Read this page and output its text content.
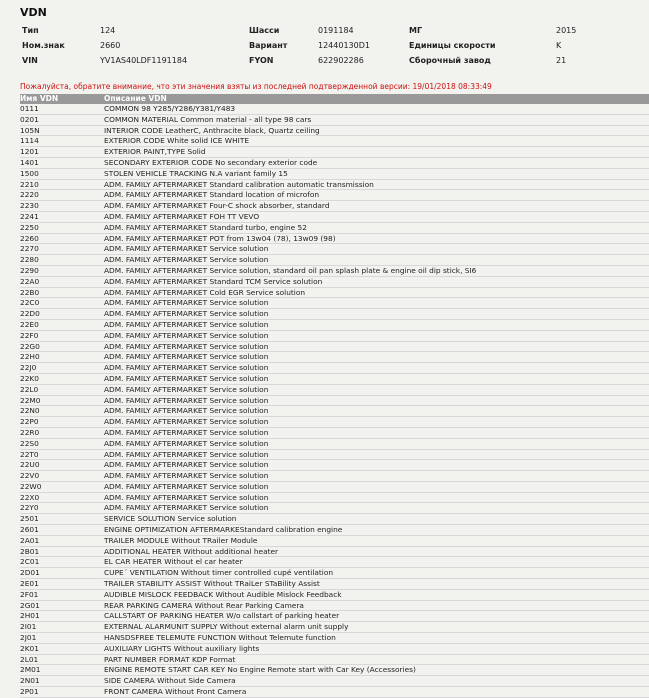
VDN
Тип	124	Шасси	0191184	МГ	2015
Ном.знак	2660	Вариант	12440130D1	Единицы скорости	K
VIN	YV1AS40LDF1191184	FYON	622902286	Сборочный завод	21
Пожалуйста, обратите внимание, что эти значения взяты из последней подтвержденной версии: 19/01/2018 08:33:49
Имя VDN	Описание VDN
0111	COMMON 98 Y285/Y286/Y381/Y483
0201	COMMON MATERIAL Common material - all type 98 cars
105N	INTERIOR CODE LeatherC, Anthracite black, Quartz ceiling
1114	EXTERIOR CODE White solid ICE WHITE
1201	EXTERIOR PAINT,TYPE Solid
1401	SECONDARY EXTERIOR CODE No secondary exterior code
1500	STOLEN VEHICLE TRACKING N.A variant family 15
2210	ADM. FAMILY AFTERMARKET Standard calibration automatic transmission
2220	ADM. FAMILY AFTERMARKET Standard location of microfon
2230	ADM. FAMILY AFTERMARKET Four-C shock absorber, standard
2241	ADM. FAMILY AFTERMARKET FOH TT VEVO
2250	ADM. FAMILY AFTERMARKET Standard turbo, engine 52
2260	ADM. FAMILY AFTERMARKET POT from 13w04 (78), 13w09 (98)
2270	ADM. FAMILY AFTERMARKET Service solution
2280	ADM. FAMILY AFTERMARKET Service solution
2290	ADM. FAMILY AFTERMARKET Service solution, standard oil pan splash plate & engine oil dip stick, SI6
22A0	ADM. FAMILY AFTERMARKET Standard TCM Service solution
22B0	ADM. FAMILY AFTERMARKET Cold EGR Service solution
22C0	ADM. FAMILY AFTERMARKET Service solution
22D0	ADM. FAMILY AFTERMARKET Service solution
22E0	ADM. FAMILY AFTERMARKET Service solution
22F0	ADM. FAMILY AFTERMARKET Service solution
22G0	ADM. FAMILY AFTERMARKET Service solution
22H0	ADM. FAMILY AFTERMARKET Service solution
22J0	ADM. FAMILY AFTERMARKET Service solution
22K0	ADM. FAMILY AFTERMARKET Service solution
22L0	ADM. FAMILY AFTERMARKET Service solution
22M0	ADM. FAMILY AFTERMARKET Service solution
22N0	ADM. FAMILY AFTERMARKET Service solution
22P0	ADM. FAMILY AFTERMARKET Service solution
22R0	ADM. FAMILY AFTERMARKET Service solution
22S0	ADM. FAMILY AFTERMARKET Service solution
22T0	ADM. FAMILY AFTERMARKET Service solution
22U0	ADM. FAMILY AFTERMARKET Service solution
22V0	ADM. FAMILY AFTERMARKET Service solution
22W0	ADM. FAMILY AFTERMARKET Service solution
22X0	ADM. FAMILY AFTERMARKET Service solution
22Y0	ADM. FAMILY AFTERMARKET Service solution
2501	SERVICE SOLUTION Service solution
2601	ENGINE OPTIMIZATION AFTERMARKEStandard calibration engine
2A01	TRAILER MODULE Without TRailer Module
2B01	ADDITIONAL HEATER Without additional heater
2C01	EL CAR HEATER Without el car heater
2D01	CUPE´ VENTILATION Without timer controlled cupé ventilation
2E01	TRAILER STABILITY ASSIST Without TRaiLer STaBility Assist
2F01	AUDIBLE MISLOCK FEEDBACK Without Audible Mislock Feedback
2G01	REAR PARKING CAMERA Without Rear Parking Camera
2H01	CALLSTART OF PARKING HEATER W/o callstart of parking heater
2I01	EXTERNAL ALARMUNIT SUPPLY Without external alarm unit supply
2J01	HANSDSFREE TELEMUTE FUNCTION Without Telemute function
2K01	AUXILIARY LIGHTS Without auxiliary lights
2L01	PART NUMBER FORMAT KDP Format
2M01	ENGINE REMOTE START CAR KEY No Engine Remote start with Car Key (Accessories)
2N01	SIDE CAMERA Without Side Camera
2P01	FRONT CAMERA Without Front Camera
